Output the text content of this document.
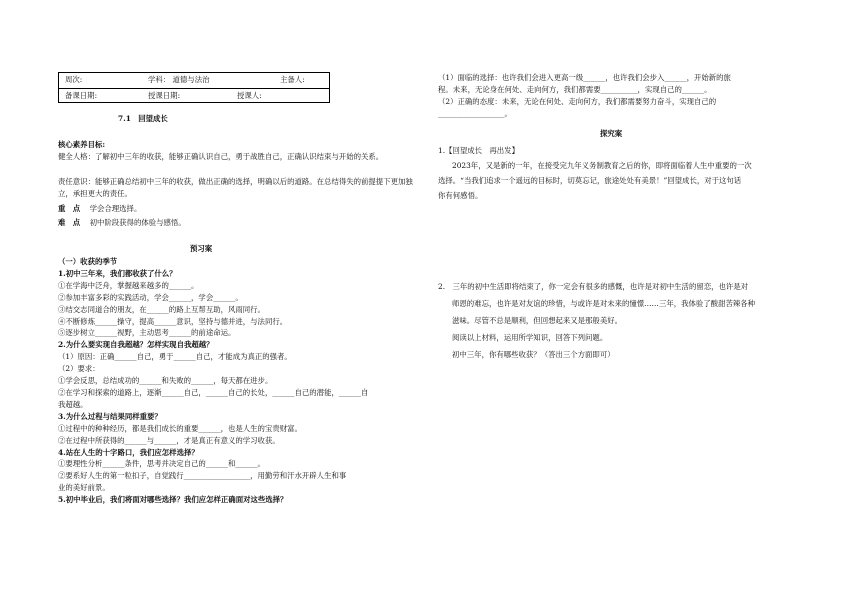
周次:	学科： 道德与法治	主备人:
备课日期:	授课日期:	授课人:
7.1　回望成长
核心素养目标:
健全人格：了解初中三年的收获，能够正确认识自己，勇于战胜自己，正确认识结束与开始的关系。
责任意识：能够正确总结初中三年的收获，做出正确的选择，明确以后的道路。在总结得失的前提提下更加独立，承担更大的责任。
重　点 学会合理选择。
难　点 初中阶段获得的体验与感悟。
预习案
（一）收获的季节
1.初中三年来，我们都收获了什么？
①在学海中泛舟，掌握越来越多的______。
②参加丰富多彩的实践活动，学会______，学会______。
③结交志同道合的朋友，在______的路上互帮互助，风雨同行。
④不断修炼______操守，提高______意识，坚持与德并进，与法同行。
⑤逐步树立______视野，主动思考______的前途命运。
2.为什么要实现自我超越？怎样实现自我超越？
（1）原因：正确______自己，勇于______自己，才能成为真正的强者。
（2）要求：
①学会反思，总结成功的______和失败的______，每天都在进步。
②在学习和探索的道路上，逐渐______自己，______自己的长处，______自己的潜能，______自
我超越。
3.为什么过程与结果同样重要？
①过程中的种种经历，都是我们成长的重要______，也是人生的宝贵财富。
②在过程中所获得的______与______，才是真正有意义的学习收获。
4.站在人生的十字路口，我们应怎样选择？
①要理性分析______条件，思考并决定自己的______和______。
②要系好人生的第一粒扣子，自觉践行__________________，用勤劳和汗水开辟人生和事
业的美好前景。
5.初中毕业后，我们将面对哪些选择？我们应怎样正确面对这些选择？
（1）面临的选择：也许我们会进入更高一级______，也许我们会步入______，开始新的旅
程。未来，无论身在何处、走向何方，我们都需要__________，实现自己的______。
（2）正确的态度：未来，无论在何处、走向何方，我们都需要努力奋斗，实现自己的
__________________。
探究案
1.【回望成长　再出发】
2023年，又是新的一年，在接受完九年义务制教育之后的你，即将面临着人生中重要的一次
选择。“当我们追求一个遥远的目标时，切莫忘记，旅途处处有美景！”回望成长，对于这句话
你有何感悟。
2.　三年的初中生活即将结束了，你一定会有很多的感慨，也许是对初中生活的留恋，也许是对
师恩的难忘，也许是对友谊的珍惜，与或许是对未来的憧憬……三年，我体验了酸甜苦辣各种
滋味。尽管不总是顺利，但回想起来又是那般美好。
阅读以上材料，运用所学知识，回答下列问题。
初中三年，你有哪些收获？（答出三个方面即可）
